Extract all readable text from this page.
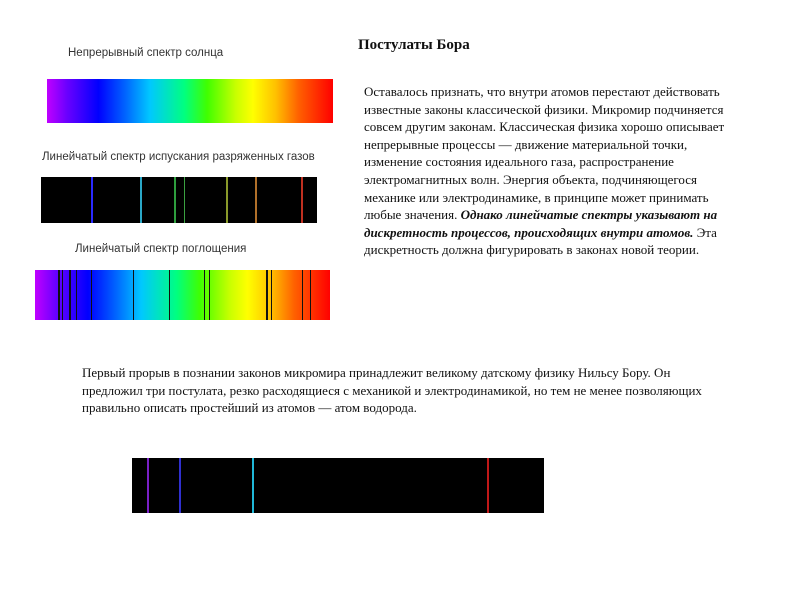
Постулаты Бора
Непрерывный спектр солнца
Линейчатый спектр испускания разряженных газов
Линейчатый спектр поглощения
Оставалось признать, что внутри атомов перестают действовать известные законы классической физики. Микромир подчиняется совсем другим законам. Классическая физика хорошо описывает непрерывные процессы — движение материальной точки, изменение состояния идеального газа, распространение электромагнитных волн. Энергия объекта, подчиняющегося механике или электродинамике, в принципе может принимать любые значения. Однако линейчатые спектры указывают на дискретность процессов, происходящих внутри атомов. Эта дискретность должна фигурировать в законах новой теории.
Первый прорыв в познании законов микромира принадлежит великому датскому физику Нильсу Бору. Он предложил три постулата, резко расходящиеся с механикой и электродинамикой, но тем не менее позволяющих правильно описать простейший из атомов — атом водорода.
